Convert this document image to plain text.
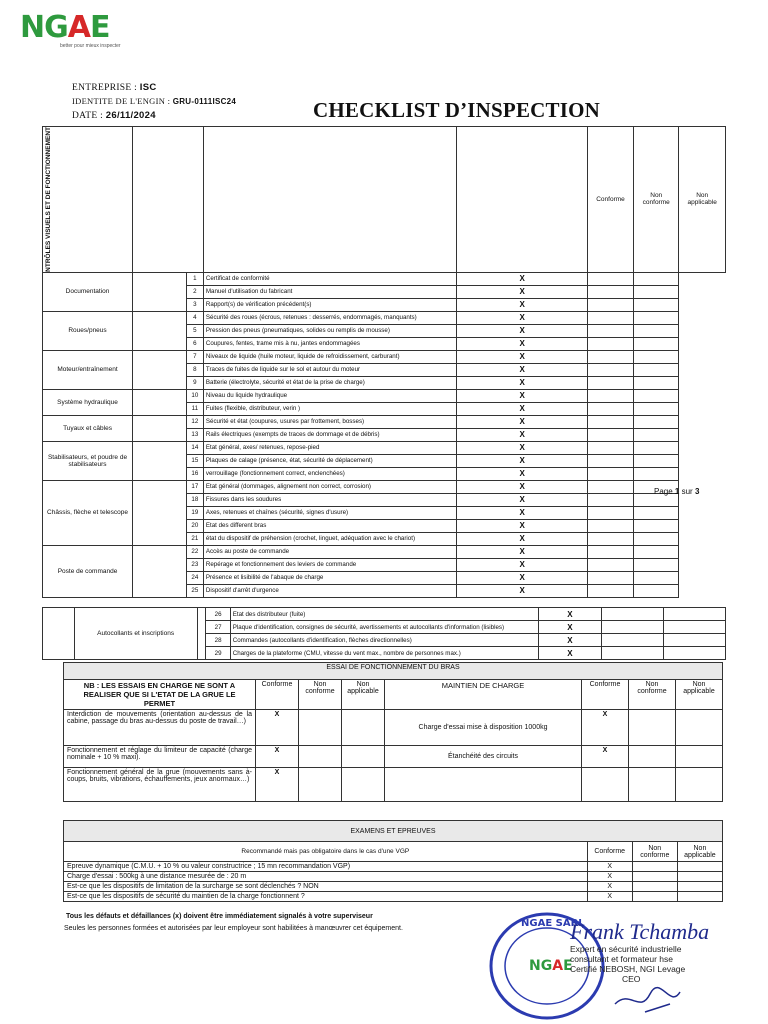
NGAE
better pour mieux inspecter
ENTREPRISE : ISC
IDENTITE DE L'ENGIN : GRU-0111ISC24
DATE : 26/11/2024	CHECKLIST D’INSPECTION
NTRÔLES VISUELS ET DE FONCTIONNEMENT					Conforme	Non conforme	Non applicable
Documentation		1	Certificat de conformité	X			
		2	Manuel d'utilisation du fabricant	X			
		3	Rapport(s) de vérification précédent(s)	X			
Roues/pneus		4	Sécurité des roues (écrous, retenues : desserrés, endommagés, manquants)	X			
		5	Pression des pneus (pneumatiques, solides ou remplis de mousse)	X			
		6	Coupures, fentes, trame mis à nu, jantes endommagées	X			
Moteur/entraînement		7	Niveaux de liquide (huile moteur, liquide de refroidissement, carburant)	X			
		8	Traces de fuites de liquide sur le sol et autour du moteur	X			
		9	Batterie (électrolyte, sécurité et état de la prise de charge)	X			
Système hydraulique		10	Niveau du liquide hydraulique	X			
		11	Fuites (flexible, distributeur, verin )	X			
Tuyaux et câbles		12	Sécurité et état (coupures, usures par frottement, bosses)	X			
		13	Rails électriques (exempts de traces de dommage et de débris)	X			
Stabilisateurs, et poudre de stabilisateurs		14	Etat général, axes/ retenues, repose-pied	X			
		15	Plaques de calage (présence, état, sécurité de déplacement)	X			
		16	verrouillage (fonctionnement correct, enclenchées)	X			
Châssis, flèche et telescope		17	Etat général (dommages, alignement non correct, corrosion)	X			
		18	Fissures dans les soudures	X			
		19	Axes, retenues et chaînes (sécurité, signes d'usure)	X			
		20	Etat des different bras	X			
		21	état du dispositif de préhension (crochet, linguet, adéquation avec le chariot)	X			
Poste de commande		22	Accès au poste de commande	X			
		23	Repérage et fonctionnement des leviers de commande	X			
		24	Présence et lisibilité de l'abaque de charge	X			
		25	Dispositif d'arrêt d'urgence	X			
Page 1 sur 3
	Autocollants et inscriptions		26	Etat des distributeur (fuite)	X		
			27	Plaque d'identification, consignes de sécurité, avertissements et autocollants d'information (lisibles)	X		
			28	Commandes (autocollants d'identification, flèches directionnelles)	X		
			29	Charges de la plateforme (CMU, vitesse du vent max., nombre de personnes max.)	X		
ESSAI DE FONCTIONNEMENT DU BRAS							
NB : LES ESSAIS EN CHARGE NE SONT A REALISER QUE SI L'ETAT DE LA GRUE LE PERMET	Conforme	Non conforme	Non applicable	MAINTIEN DE CHARGE	Conforme	Non conforme	Non applicable
Interdiction de mouvements (orientation au-dessus de la cabine, passage du bras au-dessus du poste de travail…)	X			Charge d'essai mise à disposition 1000kg	X		
Fonctionnement et réglage du limiteur de capacité (charge nominale + 10 % maxi).	X			Étanchéité des circuits	X		
Fonctionnement général de la grue (mouvements sans à-coups, bruits, vibrations, échauffements, jeux anormaux…)	X						
EXAMENS ET EPREUVES			
Recommandé mais pas obligatoire dans le cas d'une VGP	Conforme	Non conforme	Non applicable
Epreuve dynamique (C.M.U. + 10 % ou valeur constructrice ; 15 mn recommandation VGP)	X		
Charge d'essai : 500kg à une distance mesurée de : 20 m	X		
Est-ce que les dispositifs de limitation de la surcharge se sont déclenchés ? NON	X		
Est-ce que les dispositifs de sécurité du maintien de la charge fonctionnent ?	X		
Tous les défauts et défaillances (x) doivent être immédiatement signalés à votre superviseur
Seules les personnes formées et autorisées par leur employeur sont habilitées à manœuvrer cet équipement.	NGAE SARL
NGAE
Frank Tchamba
Expert en sécurité industrielle
consultant et formateur hse
Certifié NEBOSH, NGI Levage
CEO
